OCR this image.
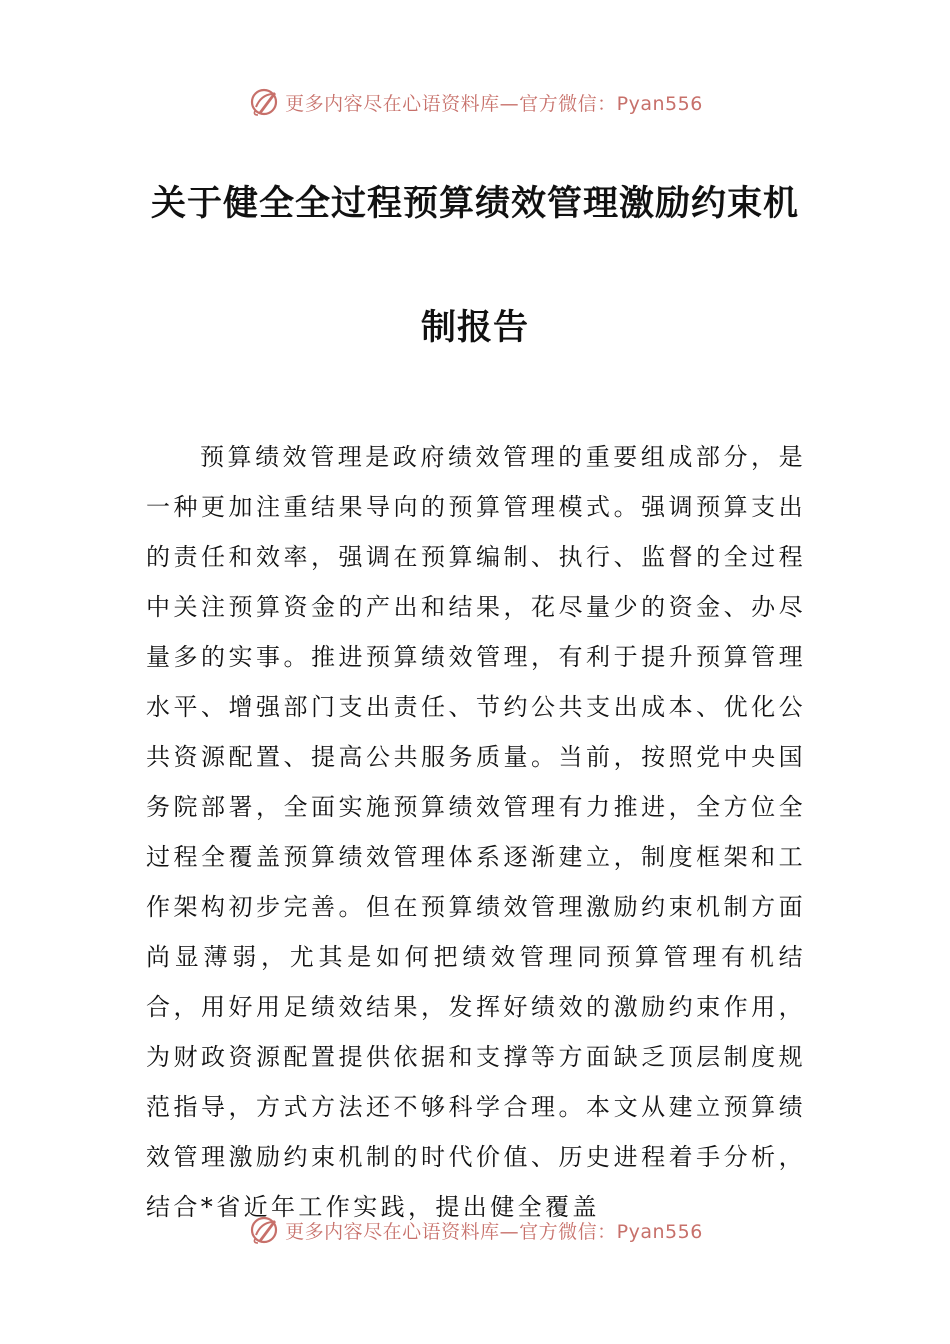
更多内容尽在心语资料库—官方微信：Pyan556
关于健全全过程预算绩效管理激励约束机
制报告

预算绩效管理是政府绩效管理的重要组成部分，是一种更加注重结果导向的预算管理模式。强调预算支出的责任和效率，强调在预算编制、执行、监督的全过程中关注预算资金的产出和结果，花尽量少的资金、办尽量多的实事。推进预算绩效管理，有利于提升预算管理水平、增强部门支出责任、节约公共支出成本、优化公共资源配置、提高公共服务质量。当前，按照党中央国务院部署，全面实施预算绩效管理有力推进，全方位全过程全覆盖预算绩效管理体系逐渐建立，制度框架和工作架构初步完善。但在预算绩效管理激励约束机制方面尚显薄弱，尤其是如何把绩效管理同预算管理有机结合，用好用足绩效结果，发挥好绩效的激励约束作用，为财政资源配置提供依据和支撑等方面缺乏顶层制度规范指导，方式方法还不够科学合理。本文从建立预算绩效管理激励约束机制的时代价值、历史进程着手分析，结合*省近年工作实践，提出健全覆盖

更多内容尽在心语资料库—官方微信：Pyan556
